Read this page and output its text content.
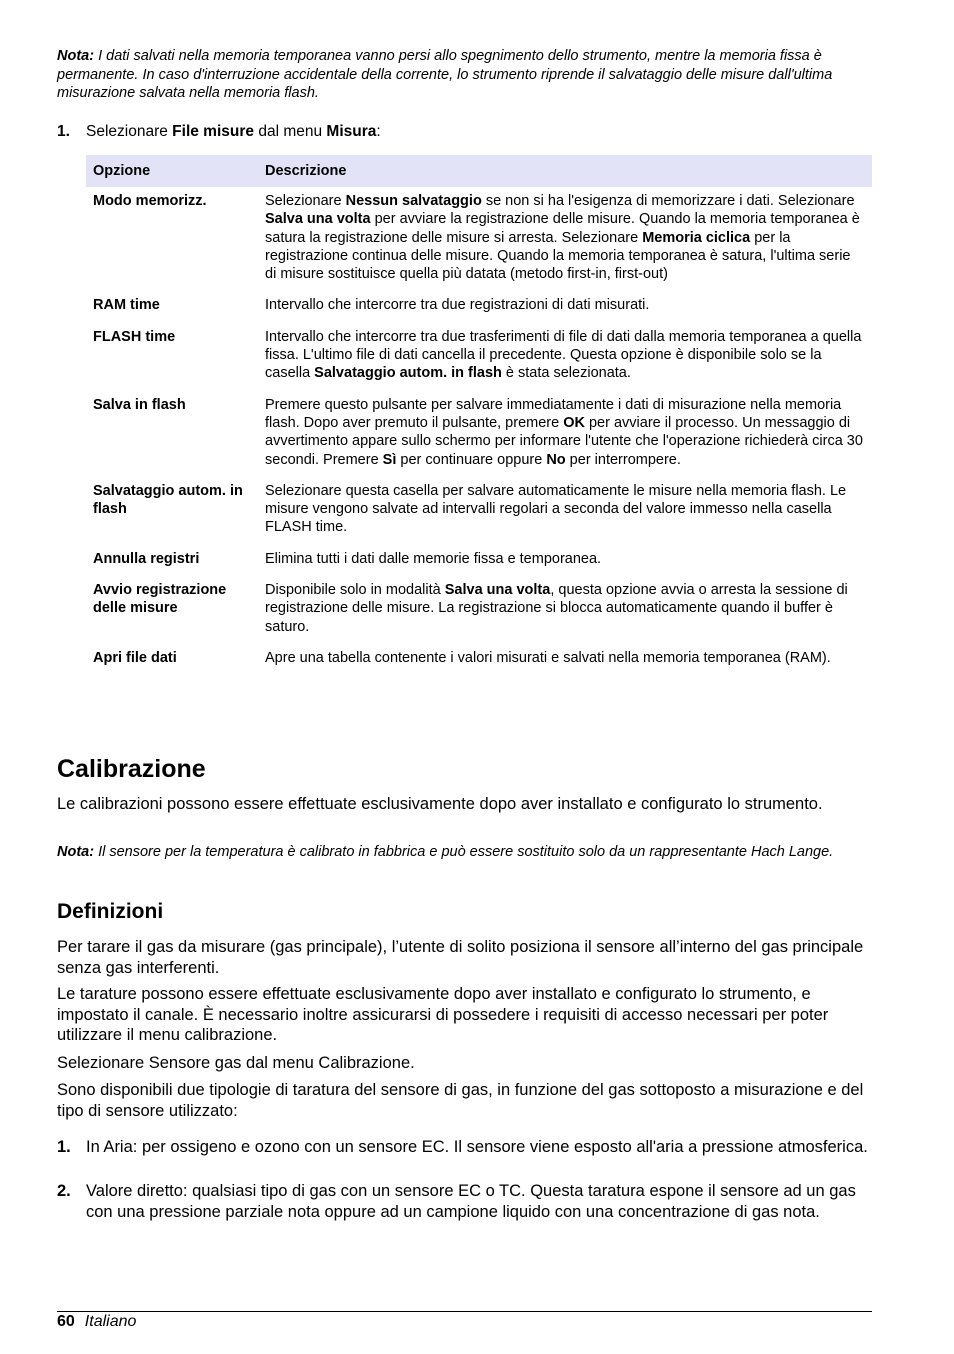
Nota: I dati salvati nella memoria temporanea vanno persi allo spegnimento dello strumento, mentre la memoria fissa è permanente. In caso d'interruzione accidentale della corrente, lo strumento riprende il salvataggio delle misure dall'ultima misurazione salvata nella memoria flash.

1. Selezionare File misure dal menu Misura:
Opzione	Descrizione
Modo memorizz.	Selezionare Nessun salvataggio se non si ha l'esigenza di memorizzare i dati. Selezionare Salva una volta per avviare la registrazione delle misure. Quando la memoria temporanea è satura la registrazione delle misure si arresta. Selezionare Memoria ciclica per la registrazione continua delle misure. Quando la memoria temporanea è satura, l'ultima serie di misure sostituisce quella più datata (metodo first-in, first-out)
RAM time	Intervallo che intercorre tra due registrazioni di dati misurati.
FLASH time	Intervallo che intercorre tra due trasferimenti di file di dati dalla memoria temporanea a quella fissa. L'ultimo file di dati cancella il precedente. Questa opzione è disponibile solo se la casella Salvataggio autom. in flash è stata selezionata.
Salva in flash	Premere questo pulsante per salvare immediatamente i dati di misurazione nella memoria flash. Dopo aver premuto il pulsante, premere OK per avviare il processo. Un messaggio di avvertimento appare sullo schermo per informare l'utente che l'operazione richiederà circa 30 secondi. Premere Sì per continuare oppure No per interrompere.
Salvataggio autom. in flash	Selezionare questa casella per salvare automaticamente le misure nella memoria flash. Le misure vengono salvate ad intervalli regolari a seconda del valore immesso nella casella FLASH time.
Annulla registri	Elimina tutti i dati dalle memorie fissa e temporanea.
Avvio registrazione delle misure	Disponibile solo in modalità Salva una volta, questa opzione avvia o arresta la sessione di registrazione delle misure. La registrazione si blocca automaticamente quando il buffer è saturo.
Apri file dati	Apre una tabella contenente i valori misurati e salvati nella memoria temporanea (RAM).
Calibrazione

Le calibrazioni possono essere effettuate esclusivamente dopo aver installato e configurato lo strumento.

Nota: Il sensore per la temperatura è calibrato in fabbrica e può essere sostituito solo da un rappresentante Hach Lange.

Definizioni

Per tarare il gas da misurare (gas principale), l’utente di solito posiziona il sensore all’interno del gas principale senza gas interferenti.

Le tarature possono essere effettuate esclusivamente dopo aver installato e configurato lo strumento, e impostato il canale. È necessario inoltre assicurarsi di possedere i requisiti di accesso necessari per poter utilizzare il menu calibrazione.

Selezionare Sensore gas dal menu Calibrazione.

Sono disponibili due tipologie di taratura del sensore di gas, in funzione del gas sottoposto a misurazione e del tipo di sensore utilizzato:

1. In Aria: per ossigeno e ozono con un sensore EC. Il sensore viene esposto all'aria a pressione atmosferica.
2. Valore diretto: qualsiasi tipo di gas con un sensore EC o TC. Questa taratura espone il sensore ad un gas con una pressione parziale nota oppure ad un campione liquido con una concentrazione di gas nota.
60 Italiano
